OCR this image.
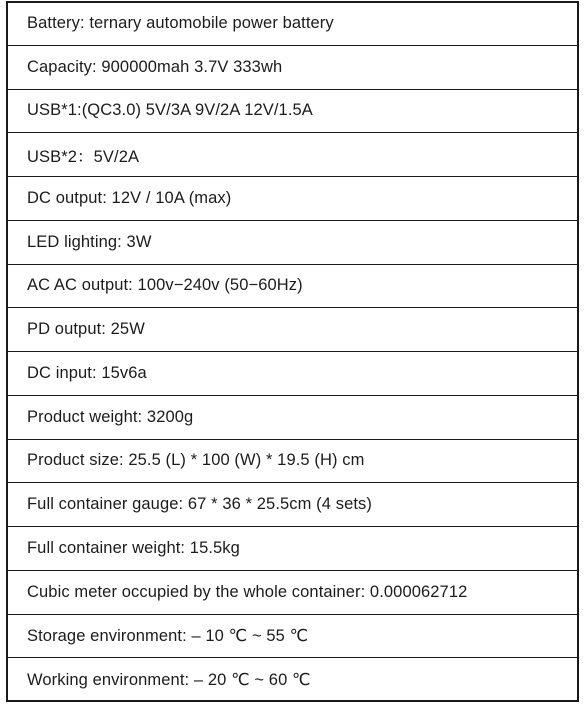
Battery: ternary automobile power battery
Capacity: 900000mah 3.7V 333wh
USB*1:(QC3.0) 5V/3A 9V/2A 12V/1.5A
USB*2：5V/2A
DC output: 12V / 10A (max)
LED lighting: 3W
AC AC output: 100v−240v (50−60Hz)
PD output: 25W
DC input: 15v6a
Product weight: 3200g
Product size: 25.5 (L) * 100 (W) * 19.5 (H) cm
Full container gauge: 67 * 36 * 25.5cm (4 sets)
Full container weight: 15.5kg
Cubic meter occupied by the whole container: 0.000062712
Storage environment: – 10 ℃ ~ 55 ℃
Working environment: – 20 ℃ ~ 60 ℃
